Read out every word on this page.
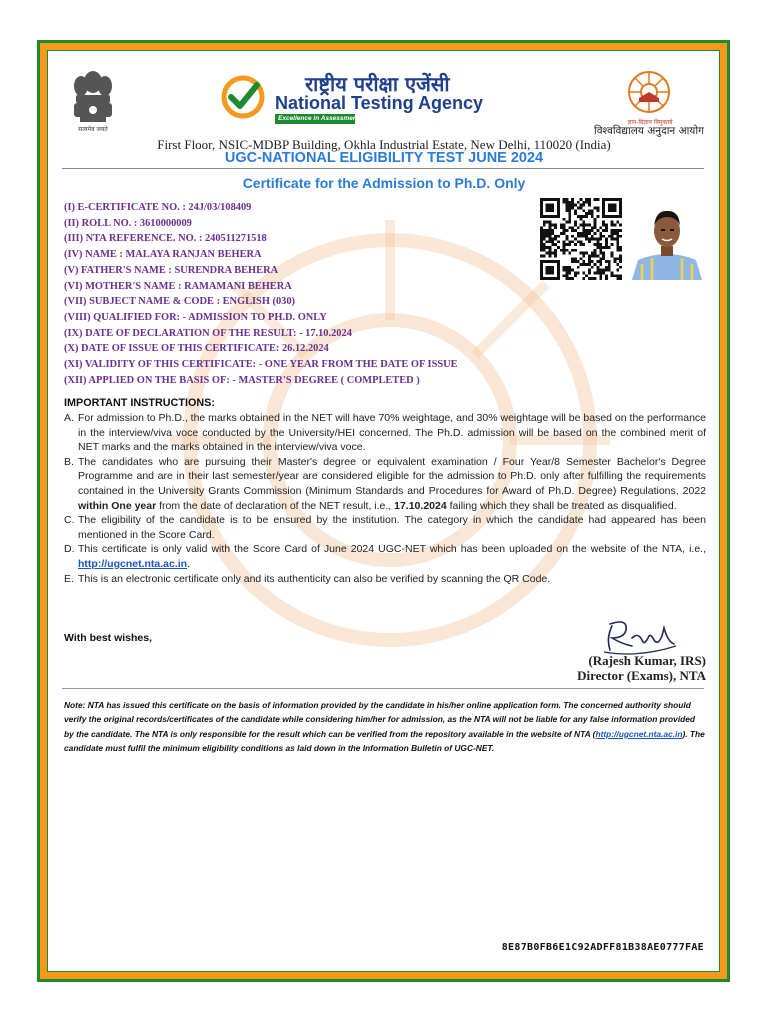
सत्यमेव जयते
राष्ट्रीय परीक्षा एजेंसी
National Testing Agency
Excellence in Assessment
ज्ञान-विज्ञान विमुक्तये
विश्वविद्यालय अनुदान आयोग
First Floor, NSIC-MDBP Building, Okhla Industrial Estate, New Delhi, 110020 (India)
UGC-NATIONAL ELIGIBILITY TEST JUNE 2024
Certificate for the Admission to Ph.D. Only
(I) E-CERTIFICATE NO. : 24J/03/108409
(II) ROLL NO. : 3610000009
(III) NTA REFERENCE. NO. : 240511271518
(IV) NAME : MALAYA RANJAN BEHERA
(V) FATHER'S NAME : SURENDRA BEHERA
(VI) MOTHER'S NAME : RAMAMANI BEHERA
(VII) SUBJECT NAME & CODE : ENGLISH (030)
(VIII) QUALIFIED FOR: - ADMISSION TO PH.D. ONLY
(IX) DATE OF DECLARATION OF THE RESULT: - 17.10.2024
(X) DATE OF ISSUE OF THIS CERTIFICATE: 26.12.2024
(XI) VALIDITY OF THIS CERTIFICATE: - ONE YEAR FROM THE DATE OF ISSUE
(XII) APPLIED ON THE BASIS OF: - MASTER'S DEGREE ( COMPLETED )
IMPORTANT INSTRUCTIONS:
A. For admission to Ph.D., the marks obtained in the NET will have 70% weightage, and 30% weightage will be based on the performance in the interview/viva voce conducted by the University/HEI concerned. The Ph.D. admission will be based on the combined merit of NET marks and the marks obtained in the interview/viva voce.
B. The candidates who are pursuing their Master's degree or equivalent examination / Four Year/8 Semester Bachelor's Degree Programme and are in their last semester/year are considered eligible for the admission to Ph.D. only after fulfilling the requirements contained in the University Grants Commission (Minimum Standards and Procedures for Award of Ph.D. Degree) Regulations, 2022 within One year from the date of declaration of the NET result, i.e., 17.10.2024 failing which they shall be treated as disqualified.
C. The eligibility of the candidate is to be ensured by the institution. The category in which the candidate had appeared has been mentioned in the Score Card.
D. This certificate is only valid with the Score Card of June 2024 UGC-NET which has been uploaded on the website of the NTA, i.e., http://ugcnet.nta.ac.in.
E. This is an electronic certificate only and its authenticity can also be verified by scanning the QR Code.
With best wishes,
(Rajesh Kumar, IRS)
Director (Exams), NTA
Note: NTA has issued this certificate on the basis of information provided by the candidate in his/her online application form. The concerned authority should verify the original records/certificates of the candidate while considering him/her for admission, as the NTA will not be liable for any false information provided by the candidate. The NTA is only responsible for the result which can be verified from the repository available in the website of NTA (http://ugcnet.nta.ac.in). The candidate must fulfil the minimum eligibility conditions as laid down in the Information Bulletin of UGC-NET.
8E87B0FB6E1C92ADFF81B38AE0777FAE
